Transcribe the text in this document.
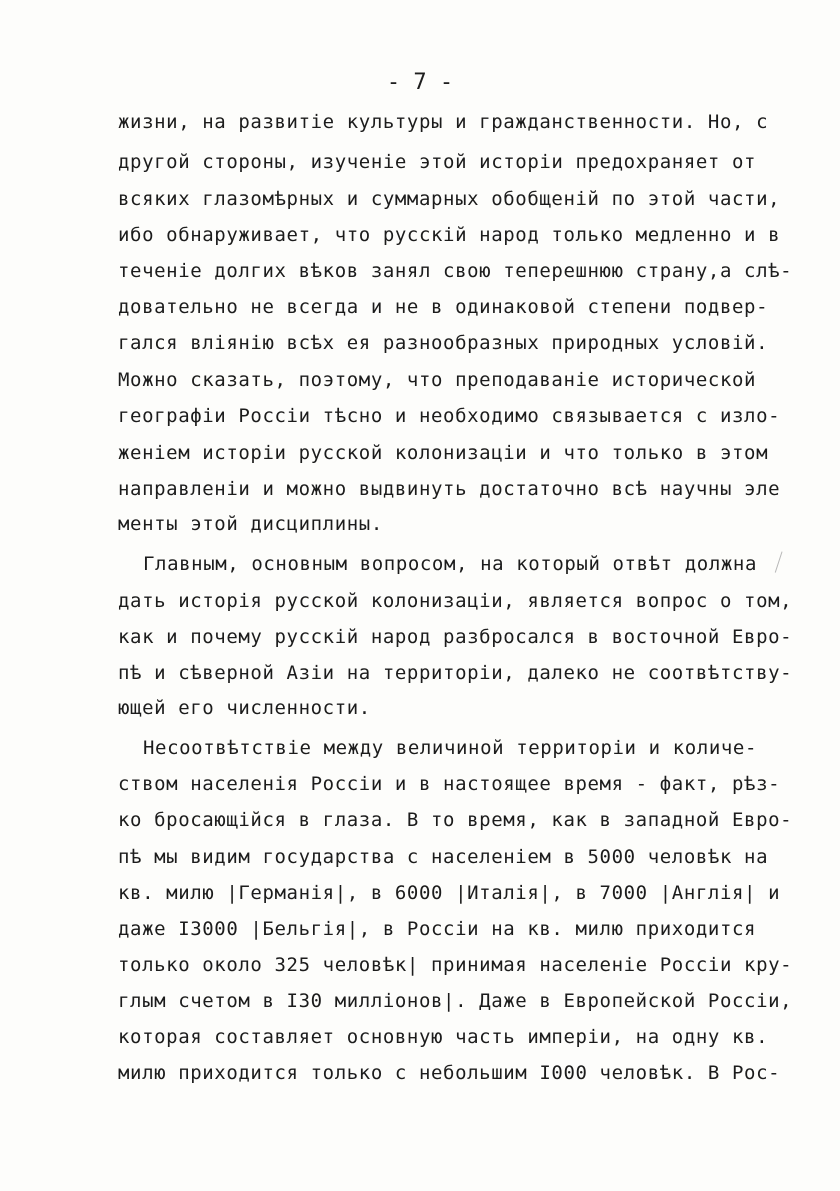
- 7 -
жизни, на развитіе культуры и гражданственности. Но, с
другой стороны, изученіе этой исторіи предохраняет от
всяких глазомѣрных и суммарных обобщеній по этой части,
ибо обнаруживает, что русскій народ только медленно и в
теченіе долгих вѣков занял свою теперешнюю страну,а слѣ-
довательно не всегда и не в одинаковой степени подвер-
гался вліянію всѣх ея разнообразных природных условій.
Можно сказать, поэтому, что преподаваніе исторической
географіи Россіи тѣсно и необходимо связывается с изло-
женіем исторіи русской колонизаціи и что только в этом
направленіи и можно выдвинуть достаточно всѣ научны эле
менты этой дисциплины.
Главным, основным вопросом, на который отвѣт должна
дать исторія русской колонизаціи, является вопрос о том,
как и почему русскій народ разбросался в восточной Евро-
пѣ и сѣверной Азіи на территоріи, далеко не соотвѣтству-
ющей его численности.
Несоотвѣтствіе между величиной территоріи и количе-
ством населенія Россіи и в настоящее время - факт, рѣз-
ко бросающійся в глаза. В то время, как в западной Евро-
пѣ мы видим государства с населеніем в 5000 человѣк на
кв. милю |Германія|, в 6000 |Италія|, в 7000 |Англія| и
даже I3000 |Бельгія|, в Россіи на кв. милю приходится
только около 325 человѣк| принимая населеніе Россіи кру-
глым счетом в I30 милліонов|. Даже в Европейской Россіи,
которая составляет основную часть имперіи, на одну кв.
милю приходится только с небольшим I000 человѣк. В Рос-
